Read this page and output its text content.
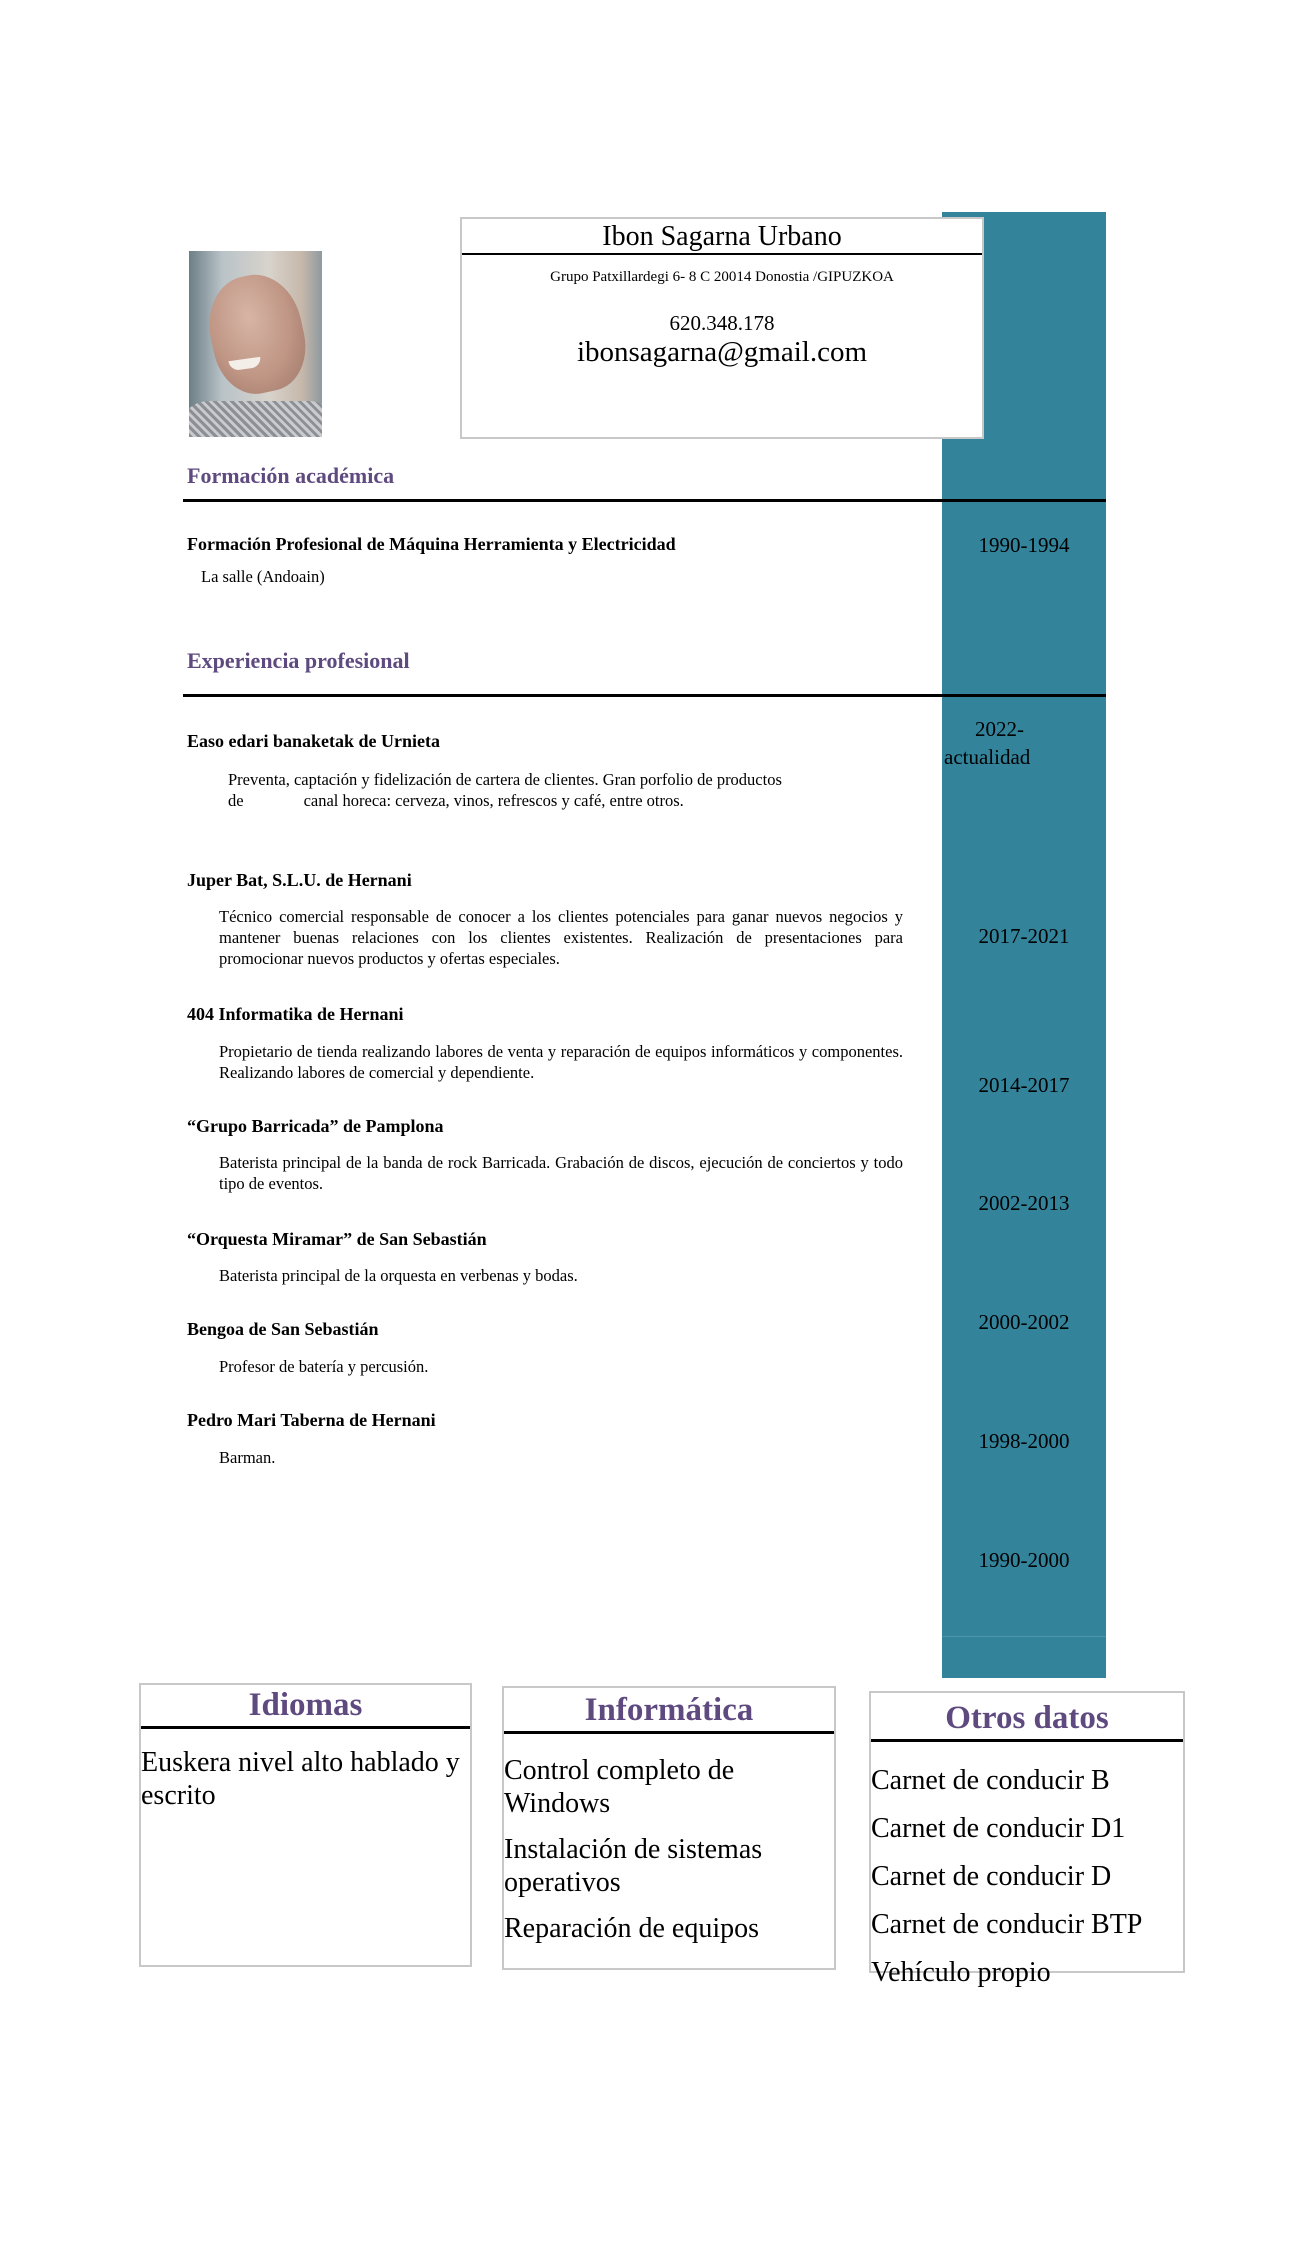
Ibon Sagarna Urbano
Grupo Patxillardegi 6- 8 C 20014 Donostia /GIPUZKOA
620.348.178
ibonsagarna@gmail.com
Formación académica
Formación Profesional de Máquina Herramienta y Electricidad
La salle (Andoain)
1990-1994
Experiencia profesional
Easo edari banaketak de Urnieta
Preventa, captación y fidelización de cartera de clientes. Gran porfolio de productos
de	canal horeca: cerveza, vinos, refrescos y café, entre otros.
2022-
actualidad
Juper Bat, S.L.U. de Hernani
Técnico comercial responsable de conocer a los clientes potenciales para ganar nuevos negocios y mantener buenas relaciones con los clientes existentes. Realización de presentaciones para promocionar nuevos productos y ofertas especiales.
2017-2021
404 Informatika de Hernani
Propietario de tienda realizando labores de venta y reparación de equipos informáticos y componentes. Realizando labores de comercial y dependiente.
2014-2017
“Grupo Barricada” de Pamplona
Baterista principal de la banda de rock Barricada. Grabación de discos, ejecución de conciertos y todo tipo de eventos.
2002-2013
“Orquesta Miramar” de San Sebastián
Baterista principal de la orquesta en verbenas y bodas.
2000-2002
Bengoa de San Sebastián
Profesor de batería y percusión.
1998-2000
Pedro Mari Taberna de Hernani
Barman.
1990-2000
Idiomas
Euskera nivel alto hablado y escrito
Informática
Control completo de Windows
Instalación de sistemas operativos
Reparación de equipos
Otros datos
Carnet de conducir B
Carnet de conducir D1
Carnet de conducir D
Carnet de conducir BTP
Vehículo propio
